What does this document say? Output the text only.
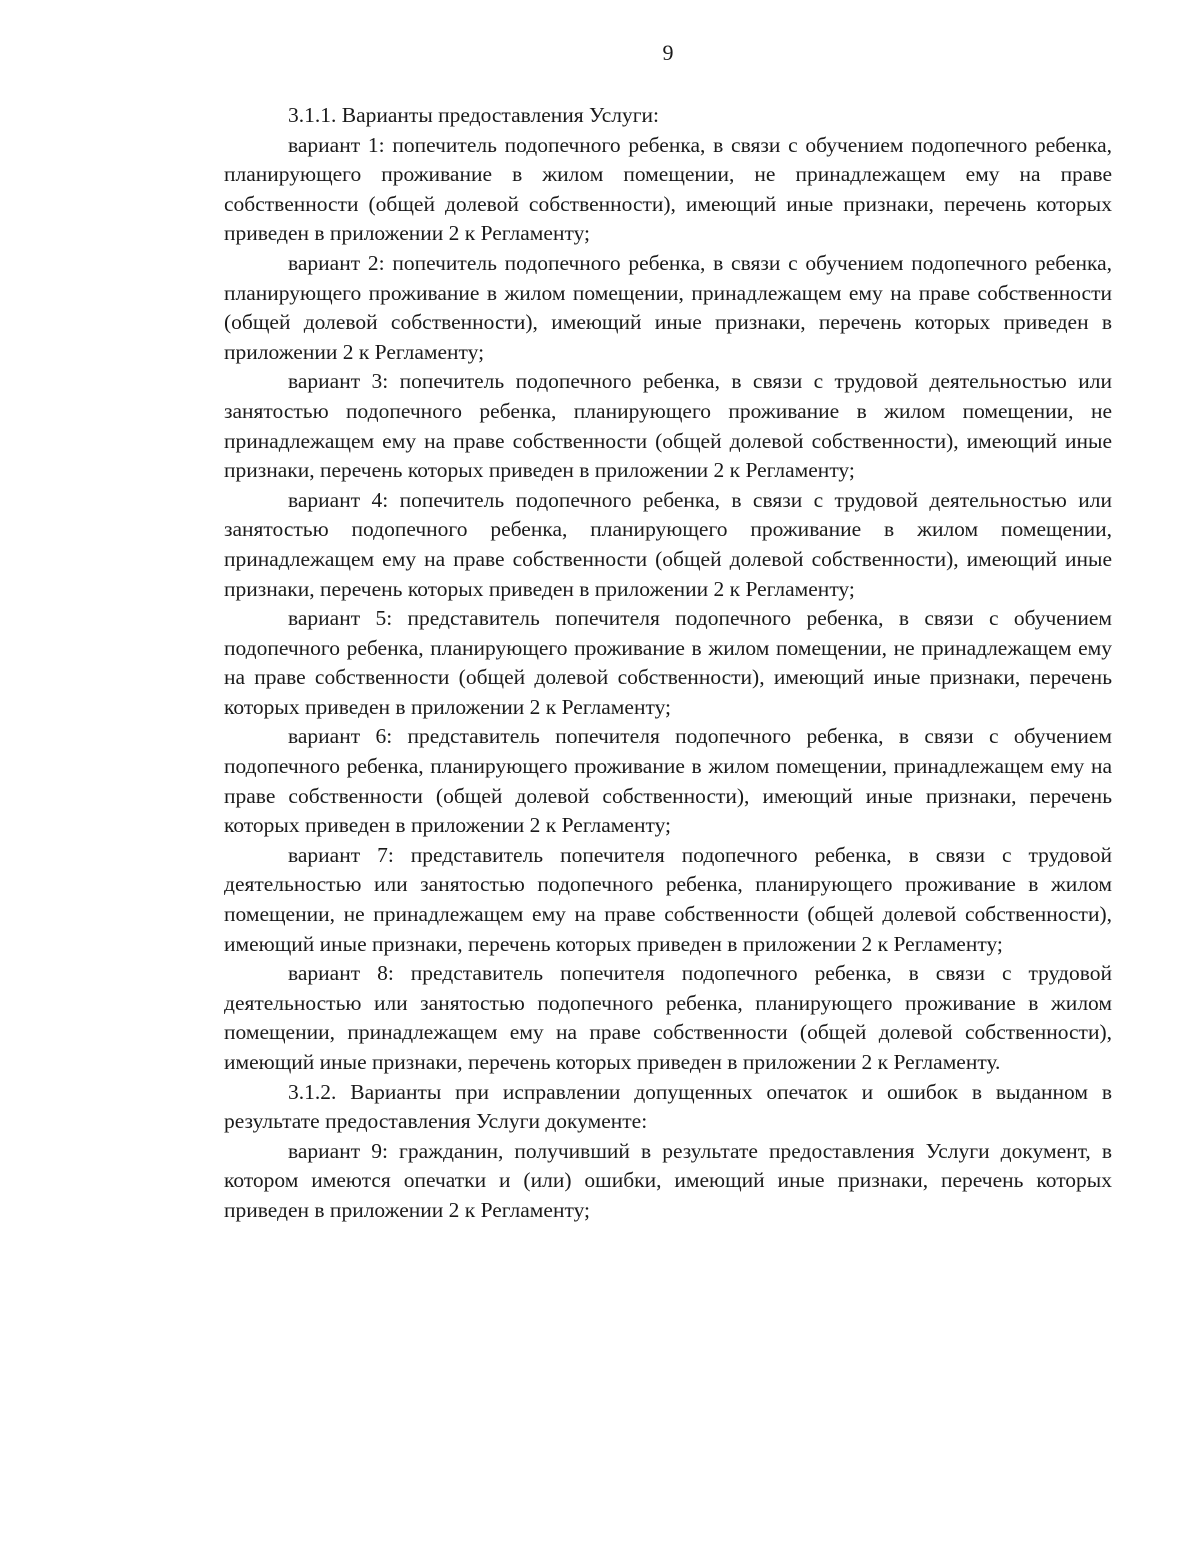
9

3.1.1. Варианты предоставления Услуги:

вариант 1: попечитель подопечного ребенка, в связи с обучением подопечного ребенка, планирующего проживание в жилом помещении, не принадлежащем ему на праве собственности (общей долевой собственности), имеющий иные признаки, перечень которых приведен в приложении 2 к Регламенту;

вариант 2: попечитель подопечного ребенка, в связи с обучением подопечного ребенка, планирующего проживание в жилом помещении, принадлежащем ему на праве собственности (общей долевой собственности), имеющий иные признаки, перечень которых приведен в приложении 2 к Регламенту;

вариант 3: попечитель подопечного ребенка, в связи с трудовой деятельностью или занятостью подопечного ребенка, планирующего проживание в жилом помещении, не принадлежащем ему на праве собственности (общей долевой собственности), имеющий иные признаки, перечень которых приведен в приложении 2 к Регламенту;

вариант 4: попечитель подопечного ребенка, в связи с трудовой деятельностью или занятостью подопечного ребенка, планирующего проживание в жилом помещении, принадлежащем ему на праве собственности (общей долевой собственности), имеющий иные признаки, перечень которых приведен в приложении 2 к Регламенту;

вариант 5: представитель попечителя подопечного ребенка, в связи с обучением подопечного ребенка, планирующего проживание в жилом помещении, не принадлежащем ему на праве собственности (общей долевой собственности), имеющий иные признаки, перечень которых приведен в приложении 2 к Регламенту;

вариант 6: представитель попечителя подопечного ребенка, в связи с обучением подопечного ребенка, планирующего проживание в жилом помещении, принадлежащем ему на праве собственности (общей долевой собственности), имеющий иные признаки, перечень которых приведен в приложении 2 к Регламенту;

вариант 7: представитель попечителя подопечного ребенка, в связи с трудовой деятельностью или занятостью подопечного ребенка, планирующего проживание в жилом помещении, не принадлежащем ему на праве собственности (общей долевой собственности), имеющий иные признаки, перечень которых приведен в приложении 2 к Регламенту;

вариант 8: представитель попечителя подопечного ребенка, в связи с трудовой деятельностью или занятостью подопечного ребенка, планирующего проживание в жилом помещении, принадлежащем ему на праве собственности (общей долевой собственности), имеющий иные признаки, перечень которых приведен в приложении 2 к Регламенту.

3.1.2. Варианты при исправлении допущенных опечаток и ошибок в выданном в результате предоставления Услуги документе:

вариант 9: гражданин, получивший в результате предоставления Услуги документ, в котором имеются опечатки и (или) ошибки, имеющий иные признаки, перечень которых приведен в приложении 2 к Регламенту;
